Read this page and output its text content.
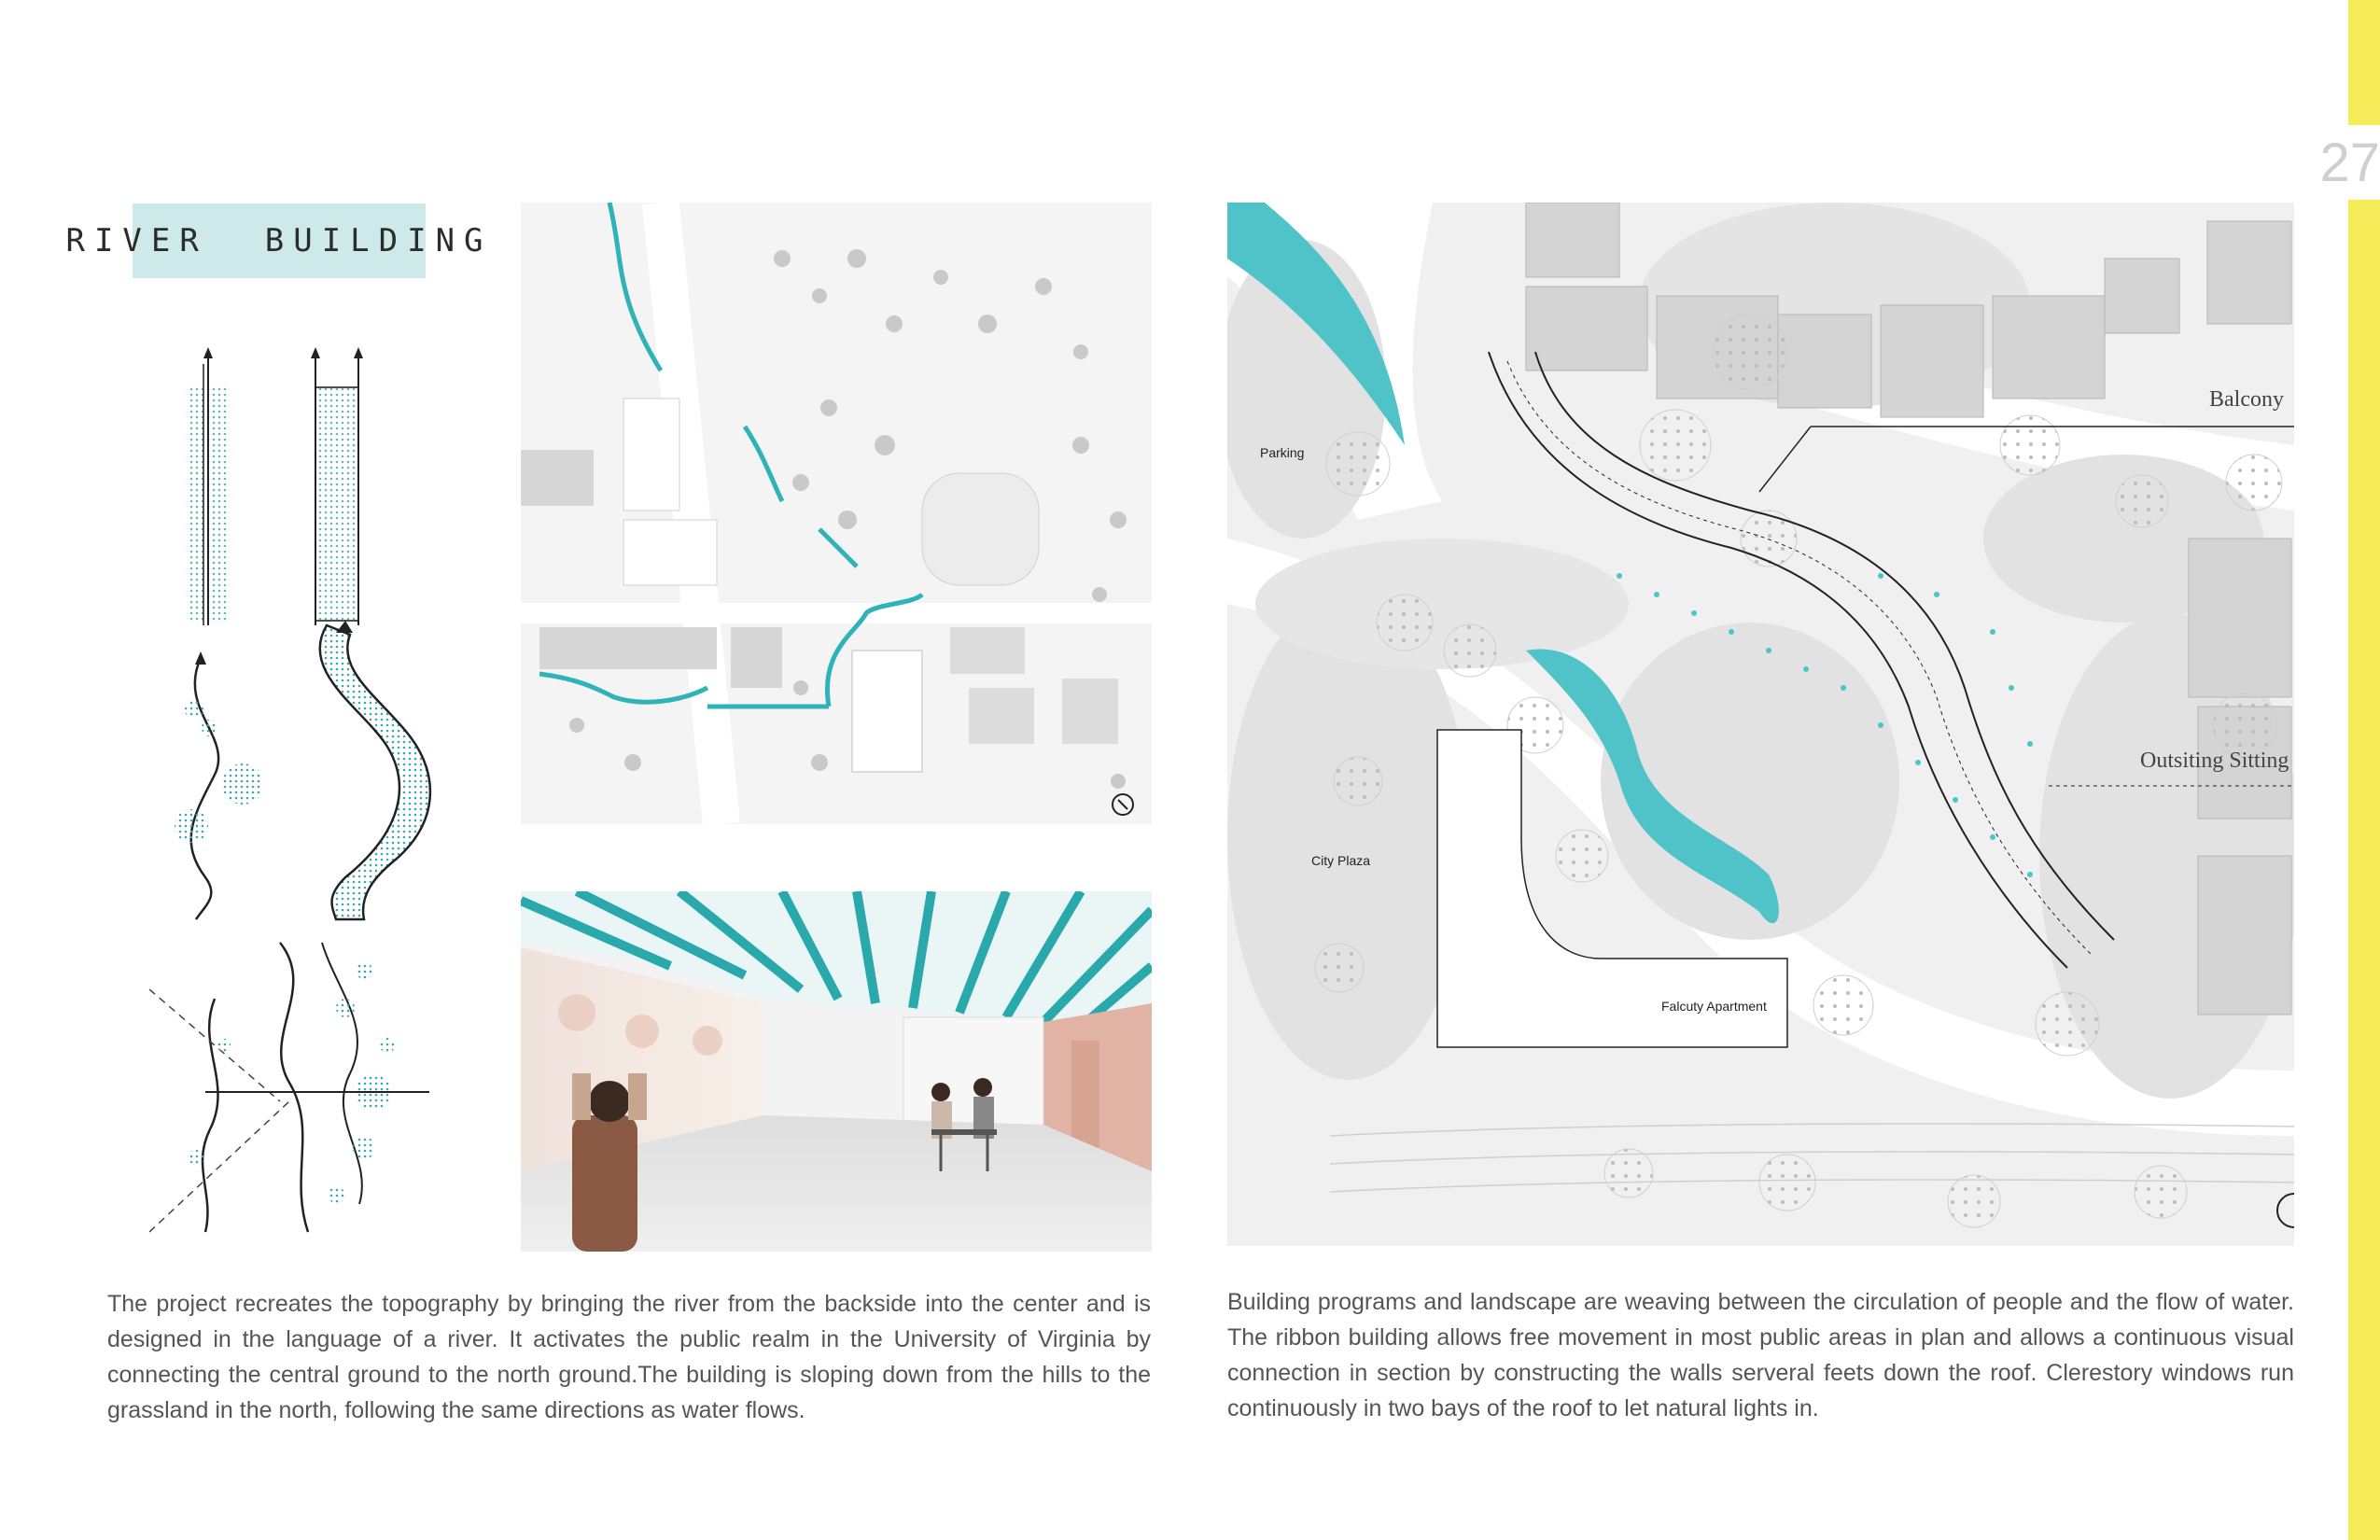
27
RIVER  BUILDING
Parking
City Plaza
Falcuty Apartment
Balcony
Outsiting Sitting
The project recreates the topography by bringing the river from the backside into the center and is designed in the language of a river. It activates the public realm in the University of Virginia by connecting the central ground to the north ground.The building is sloping down from the hills to the grassland in the north, following the same directions as water flows.
Building programs and landscape are weaving between the circulation of people and the flow of water. The ribbon building allows free movement in most public areas in plan and allows a continuous visual connection in section by constructing the walls serveral feets down the roof. Clerestory windows run continuously in two bays of the roof to let natural lights in.
